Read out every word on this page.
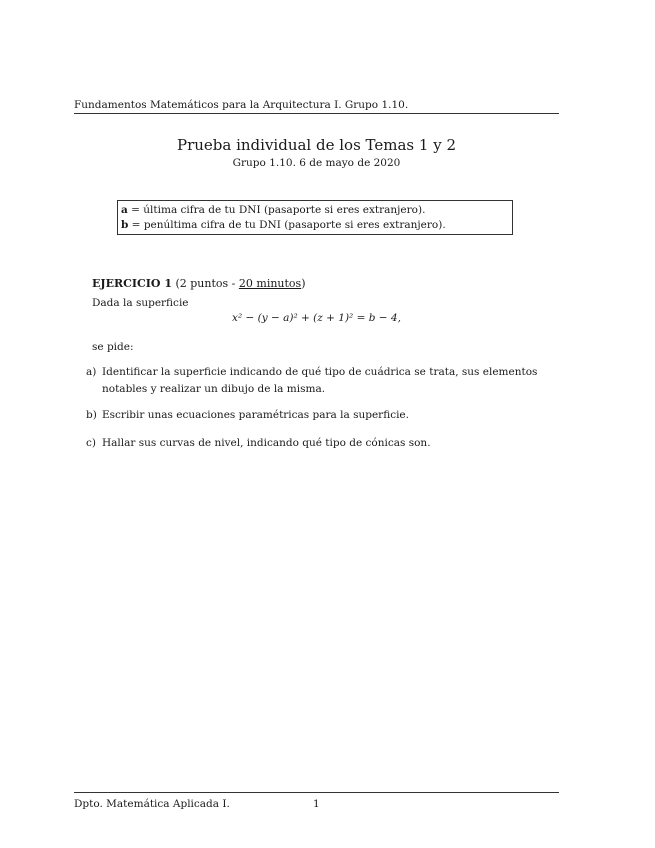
Fundamentos Matemáticos para la Arquitectura I. Grupo 1.10.
Prueba individual de los Temas 1 y 2
Grupo 1.10. 6 de mayo de 2020
a = última cifra de tu DNI (pasaporte si eres extranjero).
b = penúltima cifra de tu DNI (pasaporte si eres extranjero).
EJERCICIO 1 (2 puntos - 20 minutos)
Dada la superficie
x² − (y − a)² + (z + 1)² = b − 4,
se pide:
a) Identificar la superficie indicando de qué tipo de cuádrica se trata, sus elementos notables y realizar un dibujo de la misma.
b) Escribir unas ecuaciones paramétricas para la superficie.
c) Hallar sus curvas de nivel, indicando qué tipo de cónicas son.
Dpto. Matemática Aplicada I.	1
